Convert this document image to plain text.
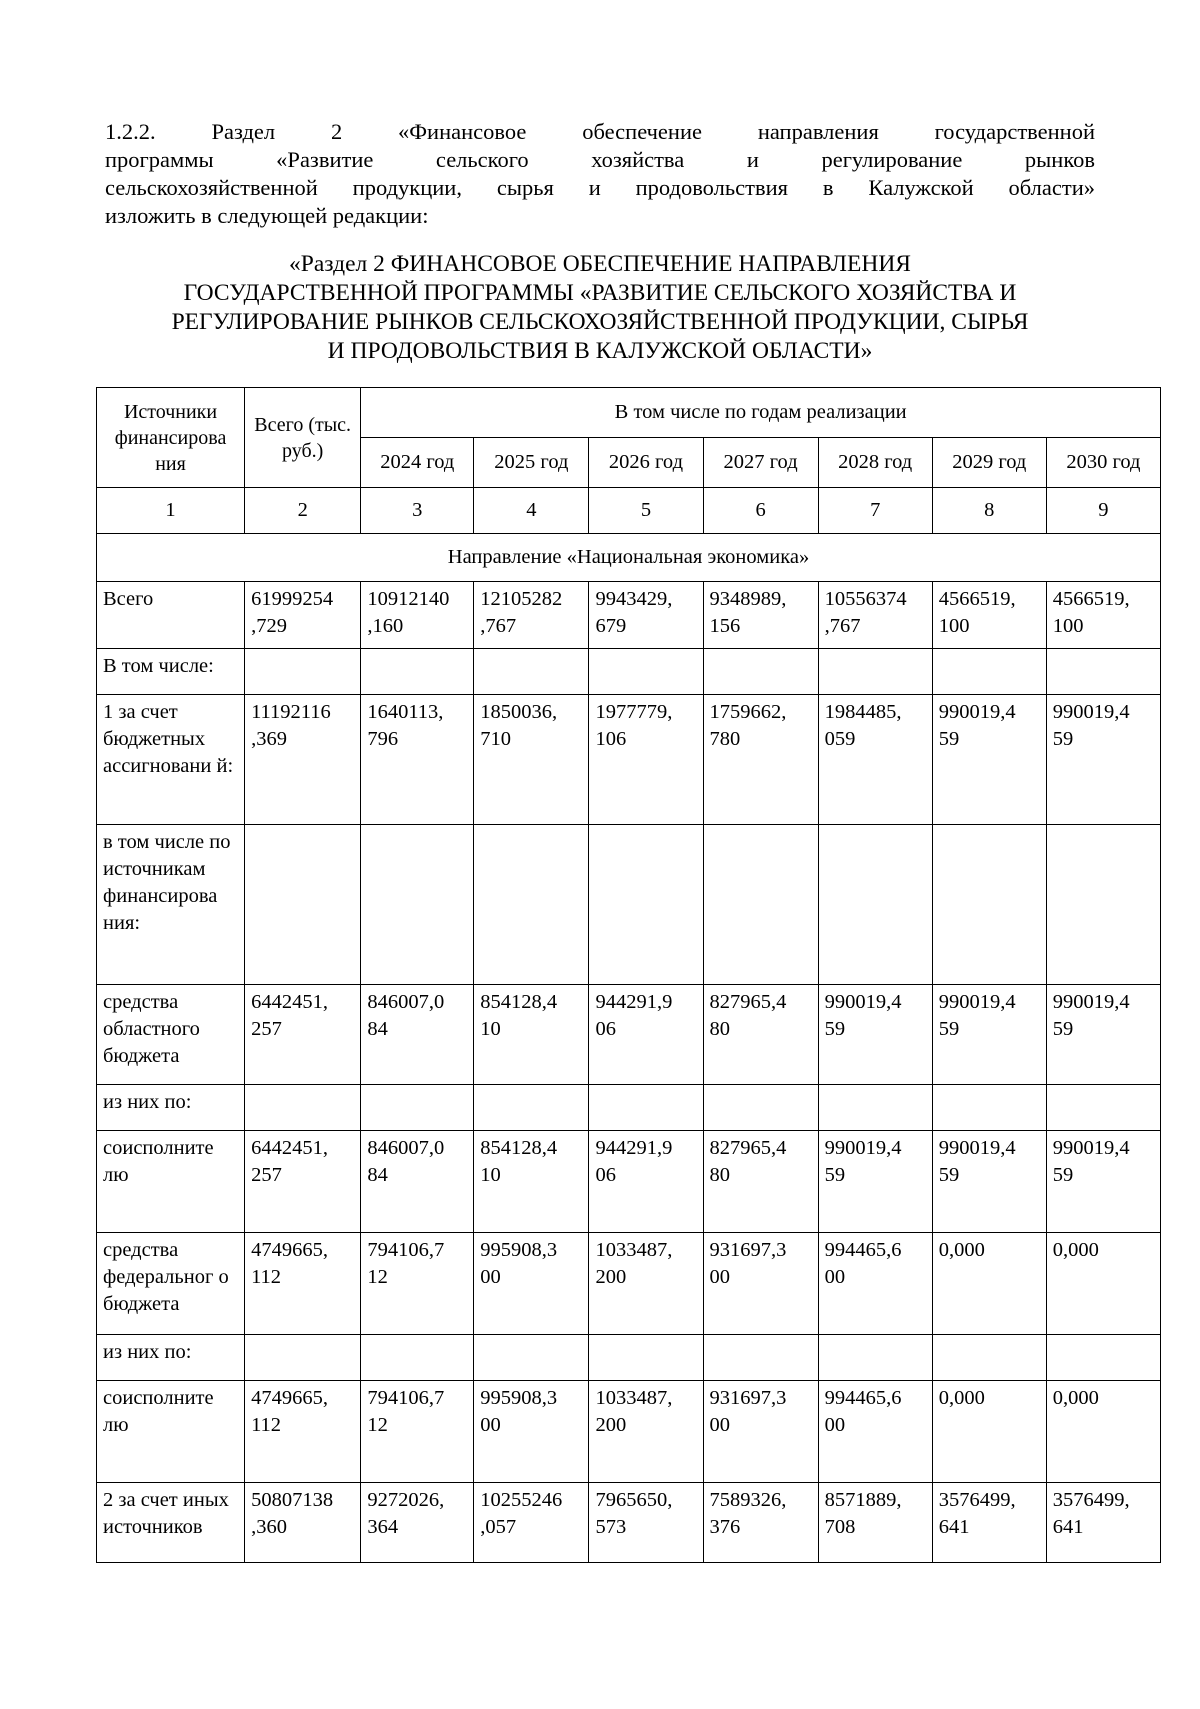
1.2.2. Раздел 2 «Финансовое обеспечение направления государственной
программы «Развитие сельского хозяйства и регулирование рынков
сельскохозяйственной продукции, сырья и продовольствия в Калужской области»
изложить в следующей редакции:
«Раздел 2 ФИНАНСОВОЕ ОБЕСПЕЧЕНИЕ НАПРАВЛЕНИЯ
ГОСУДАРСТВЕННОЙ ПРОГРАММЫ «РАЗВИТИЕ СЕЛЬСКОГО ХОЗЯЙСТВА И
РЕГУЛИРОВАНИЕ РЫНКОВ СЕЛЬСКОХОЗЯЙСТВЕННОЙ ПРОДУКЦИИ, СЫРЬЯ
И ПРОДОВОЛЬСТВИЯ В КАЛУЖСКОЙ ОБЛАСТИ»
Источники финансирова ния	Всего (тыс. руб.)	В том числе по годам реализации						
		2024 год	2025 год	2026 год	2027 год	2028 год	2029 год	2030 год
1	2	3	4	5	6	7	8	9
Направление «Национальная экономика»								
Всего	61999254 ,729	10912140 ,160	12105282 ,767	9943429, 679	9348989, 156	10556374 ,767	4566519, 100	4566519, 100
В том числе:								
1 за счет бюджетных ассигновани й:	11192116 ,369	1640113, 796	1850036, 710	1977779, 106	1759662, 780	1984485, 059	990019,4 59	990019,4 59
в том числе по источникам финансирова ния:								
средства областного бюджета	6442451, 257	846007,0 84	854128,4 10	944291,9 06	827965,4 80	990019,4 59	990019,4 59	990019,4 59
из них по:								
соисполните лю	6442451, 257	846007,0 84	854128,4 10	944291,9 06	827965,4 80	990019,4 59	990019,4 59	990019,4 59
средства федеральног о бюджета	4749665, 112	794106,7 12	995908,3 00	1033487, 200	931697,3 00	994465,6 00	0,000	0,000
из них по:								
соисполните лю	4749665, 112	794106,7 12	995908,3 00	1033487, 200	931697,3 00	994465,6 00	0,000	0,000
2 за счет иных источников	50807138 ,360	9272026, 364	10255246 ,057	7965650, 573	7589326, 376	8571889, 708	3576499, 641	3576499, 641
